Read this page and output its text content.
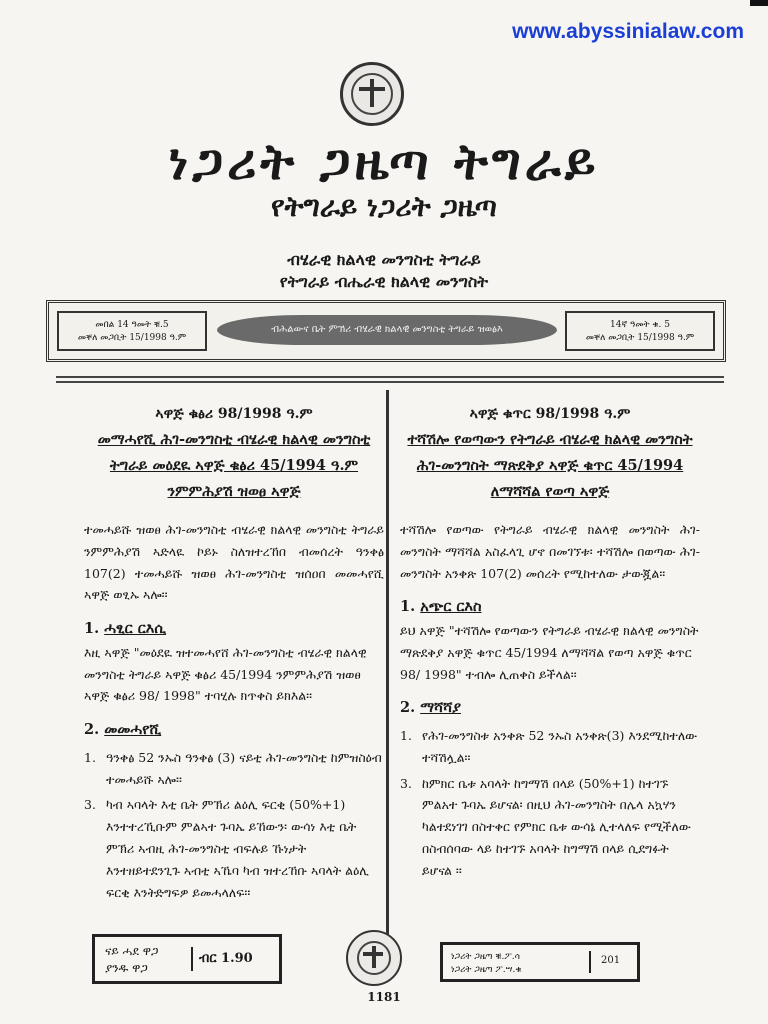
www.abyssinialaw.com
ነጋሪት ጋዜጣ ትግራይ
የትግራይ ነጋሪት ጋዜጣ
ብሄራዊ ክልላዊ መንግስቲ ትግራይ
የትግራይ ብሔራዊ ክልላዊ መንግስት
መበል 14 ዓመት ቑ.5
መቐለ መጋቢት 15/1998 ዓ.ም
ብሕልውና ቤት ምኽሪ ብሄራዊ ክልላዊ መንግስቲ ትግራይ ዝወፅእ	14ኛ ዓመት ቁ. 5
መቐለ መጋቢት 15/1998 ዓ.ም
ኣዋጅ ቁፅሪ 98/1998 ዓ.ም
መማሓየሺ ሕገ-መንግስቲ ብሄራዊ ክልላዊ መንግስቲ ትግራይ መዕደዪ ኣዋጅ ቁፅሪ 45/1994 ዓ.ም ንምምሕያሽ ዝወፀ ኣዋጅ
ተመሓይሹ ዝወፀ ሕገ-መንግስቲ ብሄራዊ ክልላዊ መንግስቲ ትግራይ ንምምሕያሽ ኣድላዪ ኮይኑ ስለዝተረኸበ ብመሰረት ዓንቀፅ 107(2) ተመሓይሹ ዝወፀ ሕገ-መንግስቲ ዝሰዐበ መመሓየሺ ኣዋጅ ወፂኡ ኣሎ፡፡
1. ሓፂር ርእሲ
እዚ ኣዋጅ "መዕደዪ ዝተመሓየሸ ሕገ-መንግስቲ ብሄራዊ ክልላዊ መንግስቲ ትግራይ ኣዋጅ ቁፅሪ 45/1994 ንምምሕያሽ ዝወፀ ኣዋጅ ቁፅሪ 98/ 1998" ተባሂሉ ክጥቀስ ይክእል፡፡
2. መመሓየሺ
1. ዓንቀፅ 52 ንኡስ ዓንቀፅ (3) ናይቲ ሕገ-መንግስቲ ከምዝስዕብ ተመሓይሹ ኣሎ፡፡
3. ካብ ኣባላት እቲ ቤት ምኽሪ ልዕሊ ፍርቂ (50%+1) እንተተረኺቡም ምልኣተ ጉባኤ ይኸውን፡ ውሳነ እቲ ቤት ምኽሪ ኣብዚ ሕገ-መንግስቲ ብፍሉይ ኹነታት እንተዘይተደንጊጉ ኣብቲ ኣኼባ ካብ ዝተረኸቡ ኣባላት ልዕሊ ፍርቂ እንትድግፍዎ ይመሓላለፍ፡፡
ኣዋጅ ቁጥር 98/1998 ዓ.ም
ተሻሽሎ የወጣውን የትግራይ ብሄራዊ ክልላዊ መንግስት ሕገ-መንግስት ማጽደቅያ ኣዋጅ ቁጥር 45/1994 ለማሻሻል የወጣ ኣዋጅ
ተሻሽሎ የወጣው የትግራይ ብሄራዊ ክልላዊ መንግስት ሕገ-መንግስት ማሻሻል አስፈላጊ ሆኖ በመገኘቱ፡ ተሻሽሎ በወጣው ሕገ-መንግስት አንቀጽ 107(2) መሰረት የሚከተለው ታውጇል፡፡
1. አጭር ርእስ
ይህ አዋጅ "ተሻሽሎ የወጣውን የትግራይ ብሄራዊ ክልላዊ መንግስት ማጽደቅያ አዋጅ ቁጥር 45/1994 ለማሻሻል የወጣ አዋጅ ቁጥር 98/ 1998" ተብሎ ሊጠቀስ ይችላል፡፡
2. ማሻሻያ
1. የሕገ-መንግስቱ አንቀጽ 52 ንኡስ አንቀጽ(3) እንደሚከተለው ተሻሽሏል፡፡
3. ከምክር ቤቱ አባላት ከግማሽ በላይ (50%+1) ከተገኙ ምልአተ ጉባኤ ይሆናል፡ በዚህ ሕገ-መንግስት በሌላ አኳሃን ካልተደነገገ በስተቀር የምክር ቤቱ ውሳኔ ሊተላለፍ የሚችለው በስብሰባው ላይ ከተገኙ አባላት ከግማሽ በላይ ሲደግፉት ይሆናል ፡፡
ናይ ሓደ ዋጋ
ያንዱ ዋጋ
ብር 1.90	ነጋሪት ጋዜጣ ቑ.ፖ.ሳ
ነጋሪት ጋዜጣ ፖ.ሣ.ቁ
201
1181
